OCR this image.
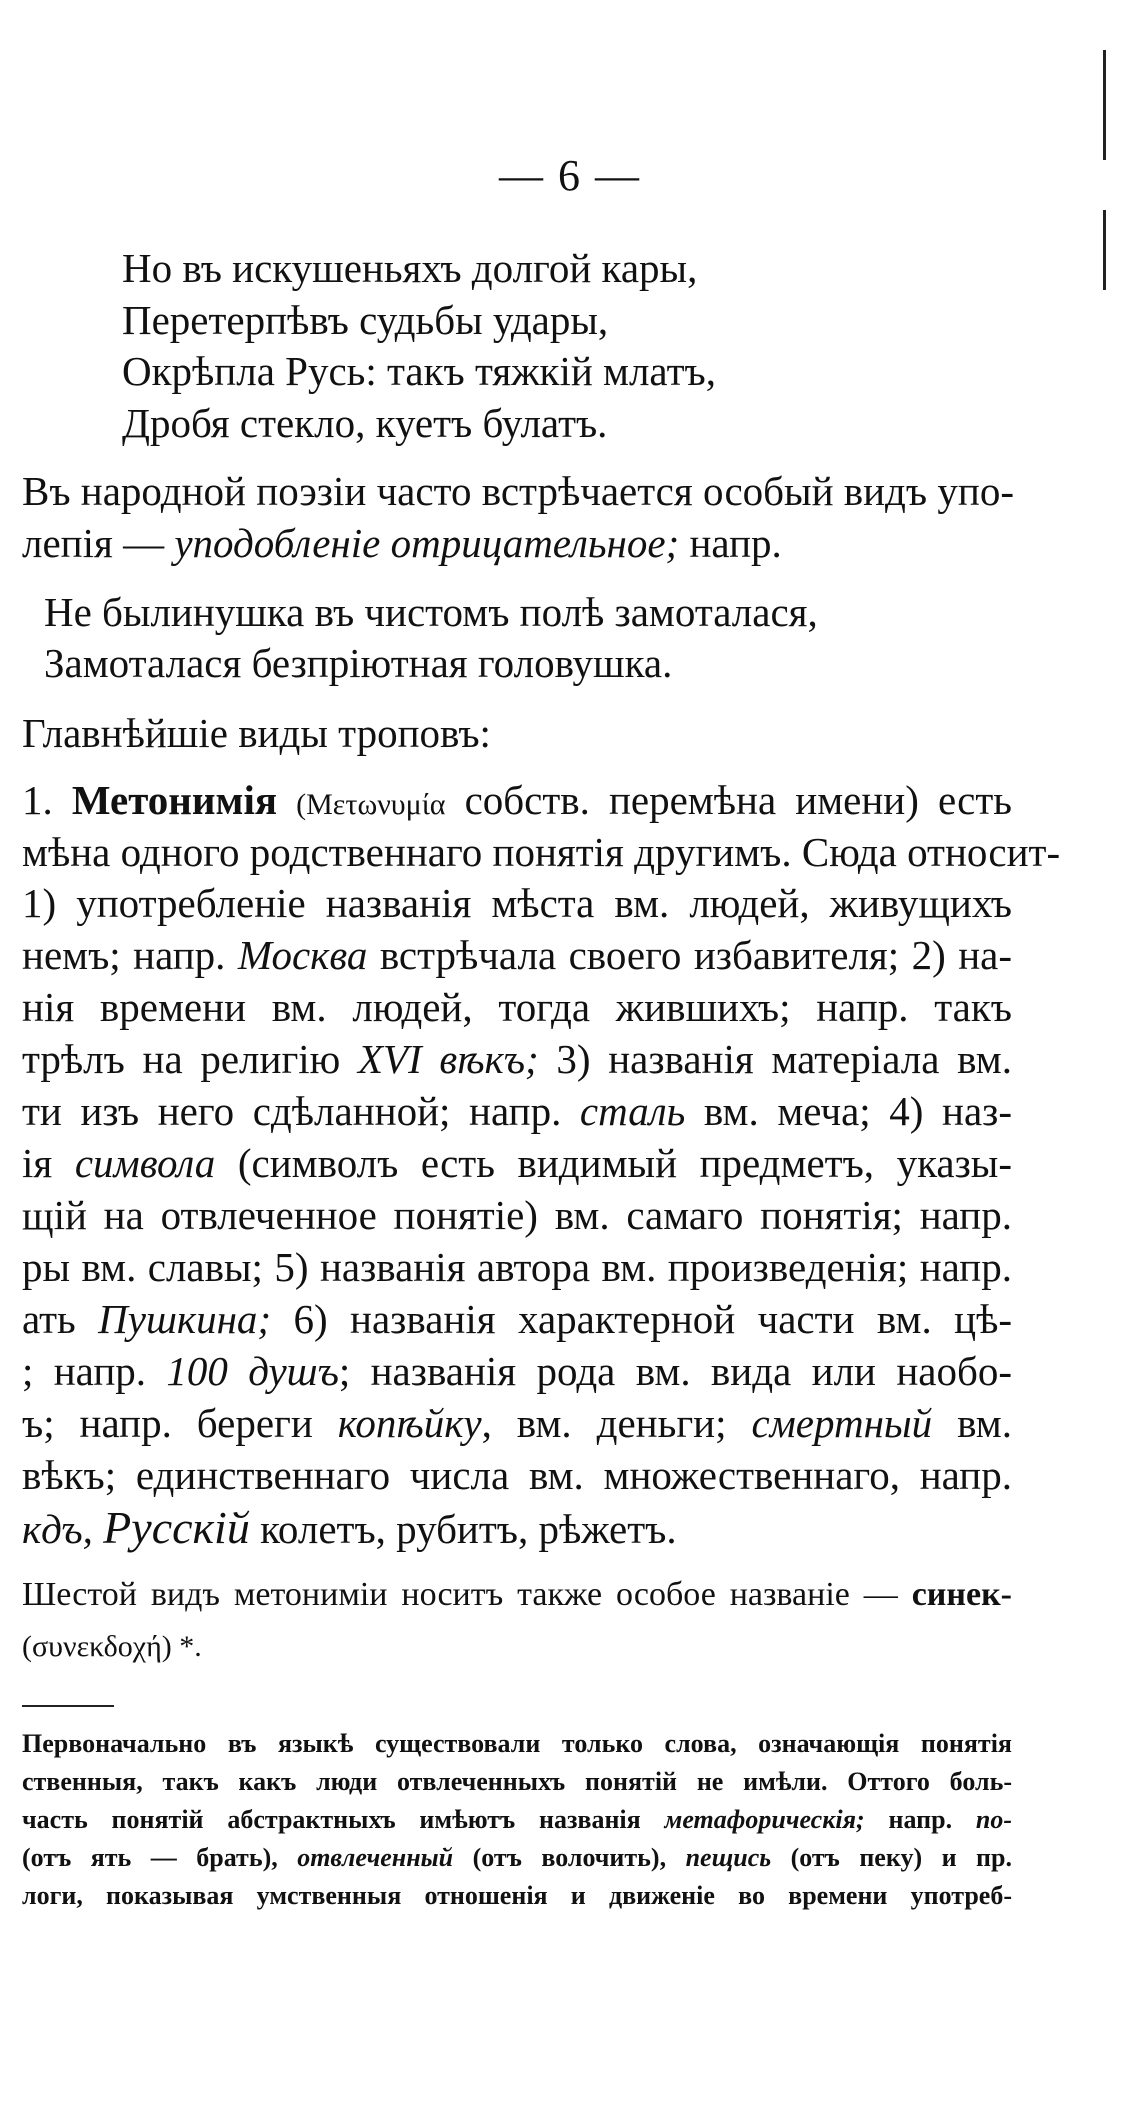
— 6 —
Но въ искушеньяхъ долгой кары,
Перетерпѣвъ судьбы удары,
Окрѣпла Русь: такъ тяжкій млатъ,
Дробя стекло, куетъ булатъ.
Въ народной поэзіи часто встрѣчается особый видъ упо-
лепія — уподобленіе отрицательное; напр.
Не былинушка въ чистомъ полѣ замоталася,
Замоталася безпріютная головушка.
Главнѣйшіе виды троповъ:
1. Метонимія (Μετωνυμία собств. перемѣна имени) есть
мѣна одного родственнаго понятія другимъ. Сюда относит-
1) употребленіе названія мѣста вм. людей, живущихъ
немъ; напр. Москва встрѣчала своего избавителя; 2) на-
нія времени вм. людей, тогда жившихъ; напр. такъ
трѣлъ на религію XVI вѣкъ; 3) названія матеріала вм.
ти изъ него сдѣланной; напр. сталь вм. меча; 4) наз-
ія символа (символъ есть видимый предметъ, указы-
щій на отвлеченное понятіе) вм. самаго понятія; напр.
ры вм. славы; 5) названія автора вм. произведенія; напр.
ать Пушкина; 6) названія характерной части вм. цѣ-
; напр. 100 душъ; названія рода вм. вида или наобо-
ъ; напр. береги копѣйку, вм. деньги; смертный вм.
вѣкъ; единственнаго числа вм. множественнаго, напр.
кдъ, Русскій колетъ, рубитъ, рѣжетъ.
Шестой видъ метонимiи носитъ также особое названіе — синек-
(συνεκδοχή) *.
Первоначально въ языкѣ существовали только слова, означающія понятія
ственныя, такъ какъ люди отвлеченныхъ понятій не имѣли. Оттого боль-
часть понятій абстрактныхъ имѣютъ названія метафорическія; напр. по-
(отъ ять — брать), отвлеченный (отъ волочить), пещись (отъ пеку) и пр.
логи, показывая умственныя отношенія и движеніе во времени употреб-
